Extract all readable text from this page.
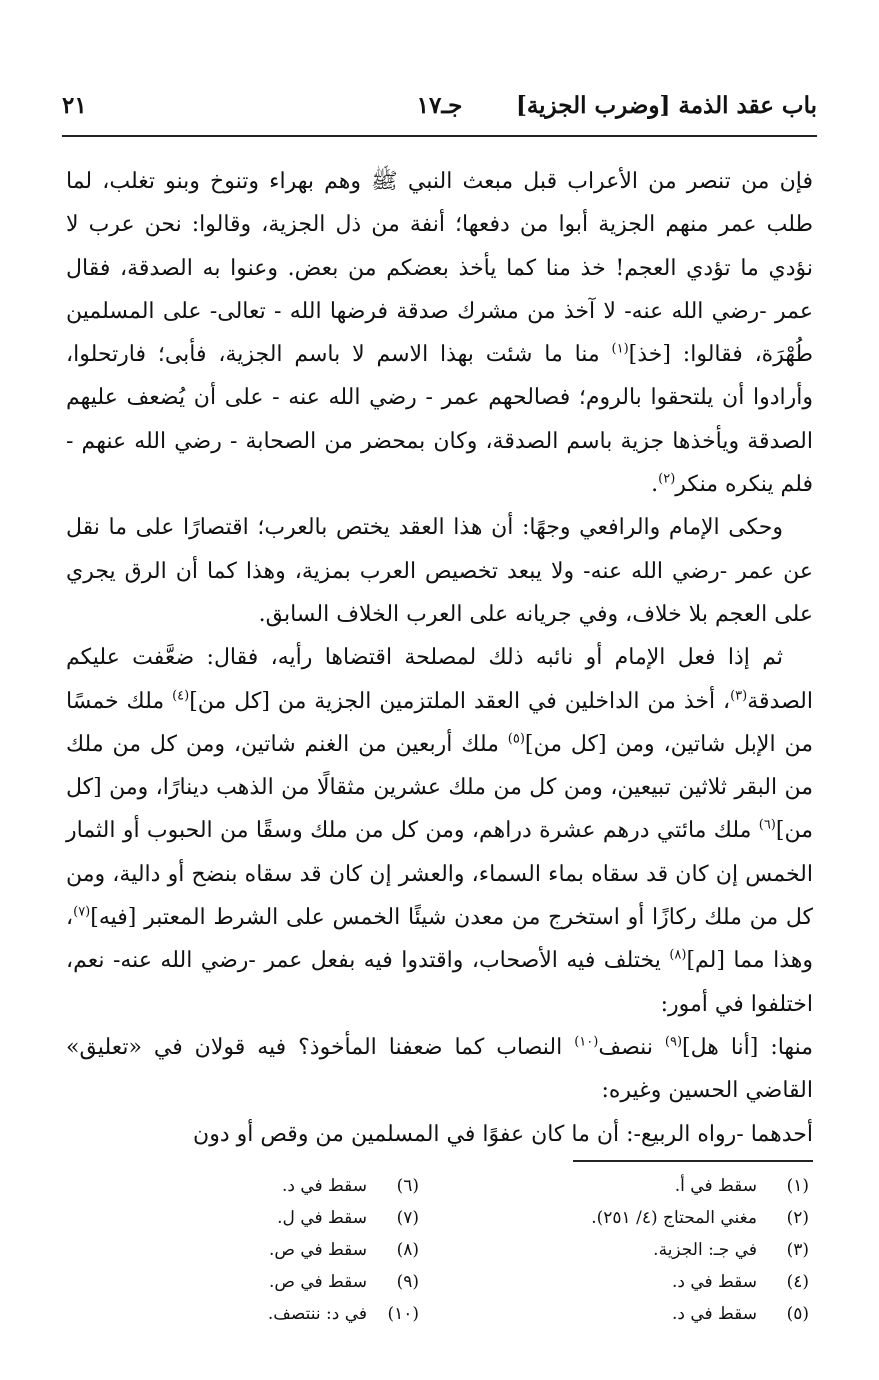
باب عقد الذمة [وضرب الجزية]
جـ١٧
٢١

فإن من تنصر من الأعراب قبل مبعث النبي ﷺ وهم بهراء وتنوخ وبنو تغلب، لما طلب عمر منهم الجزية أبوا من دفعها؛ أنفة من ذل الجزية، وقالوا: نحن عرب لا نؤدي ما تؤدي العجم! خذ منا كما يأخذ بعضكم من بعض. وعنوا به الصدقة، فقال عمر -رضي الله عنه- لا آخذ من مشرك صدقة فرضها الله - تعالى- على المسلمين طُهْرَة، فقالوا: [خذ]$^{(١)}$ منا ما شئت بهذا الاسم لا باسم الجزية، فأبى؛ فارتحلوا، وأرادوا أن يلتحقوا بالروم؛ فصالحهم عمر - رضي الله عنه - على أن يُضعف عليهم الصدقة ويأخذها جزية باسم الصدقة، وكان بمحضر من الصحابة - رضي الله عنهم - فلم ينكره منكر$^{(٢)}$.

وحكى الإمام والرافعي وجهًا: أن هذا العقد يختص بالعرب؛ اقتصارًا على ما نقل عن عمر -رضي الله عنه- ولا يبعد تخصيص العرب بمزية، وهذا كما أن الرق يجري على العجم بلا خلاف، وفي جريانه على العرب الخلاف السابق.

ثم إذا فعل الإمام أو نائبه ذلك لمصلحة اقتضاها رأيه، فقال: ضعَّفت عليكم الصدقة$^{(٣)}$، أخذ من الداخلين في العقد الملتزمين الجزية من [كل من]$^{(٤)}$ ملك خمسًا من الإبل شاتين، ومن [كل من]$^{(٥)}$ ملك أربعين من الغنم شاتين، ومن كل من ملك من البقر ثلاثين تبيعين، ومن كل من ملك عشرين مثقالًا من الذهب دينارًا، ومن [كل من]$^{(٦)}$ ملك مائتي درهم عشرة دراهم، ومن كل من ملك وسقًا من الحبوب أو الثمار الخمس إن كان قد سقاه بماء السماء، والعشر إن كان قد سقاه بنضح أو دالية، ومن كل من ملك ركازًا أو استخرج من معدن شيئًا الخمس على الشرط المعتبر [فيه]$^{(٧)}$، وهذا مما [لم]$^{(٨)}$ يختلف فيه الأصحاب، واقتدوا فيه بفعل عمر -رضي الله عنه- نعم، اختلفوا في أمور:

منها: [أنا هل]$^{(٩)}$ ننصف$^{(١٠)}$ النصاب كما ضعفنا المأخوذ؟ فيه قولان في «تعليق» القاضي الحسين وغيره:

أحدهما -رواه الربيع-: أن ما كان عفوًا في المسلمين من وقص أو دون

(١)سقط في أ.
(٢)مغني المحتاج (٤/ ٢٥١).
(٣)في جـ: الجزية.
(٤)سقط في د.
(٥)سقط في د.
(٦)سقط في د.
(٧)سقط في ل.
(٨)سقط في ص.
(٩)سقط في ص.
(١٠)في د: ننتصف.
